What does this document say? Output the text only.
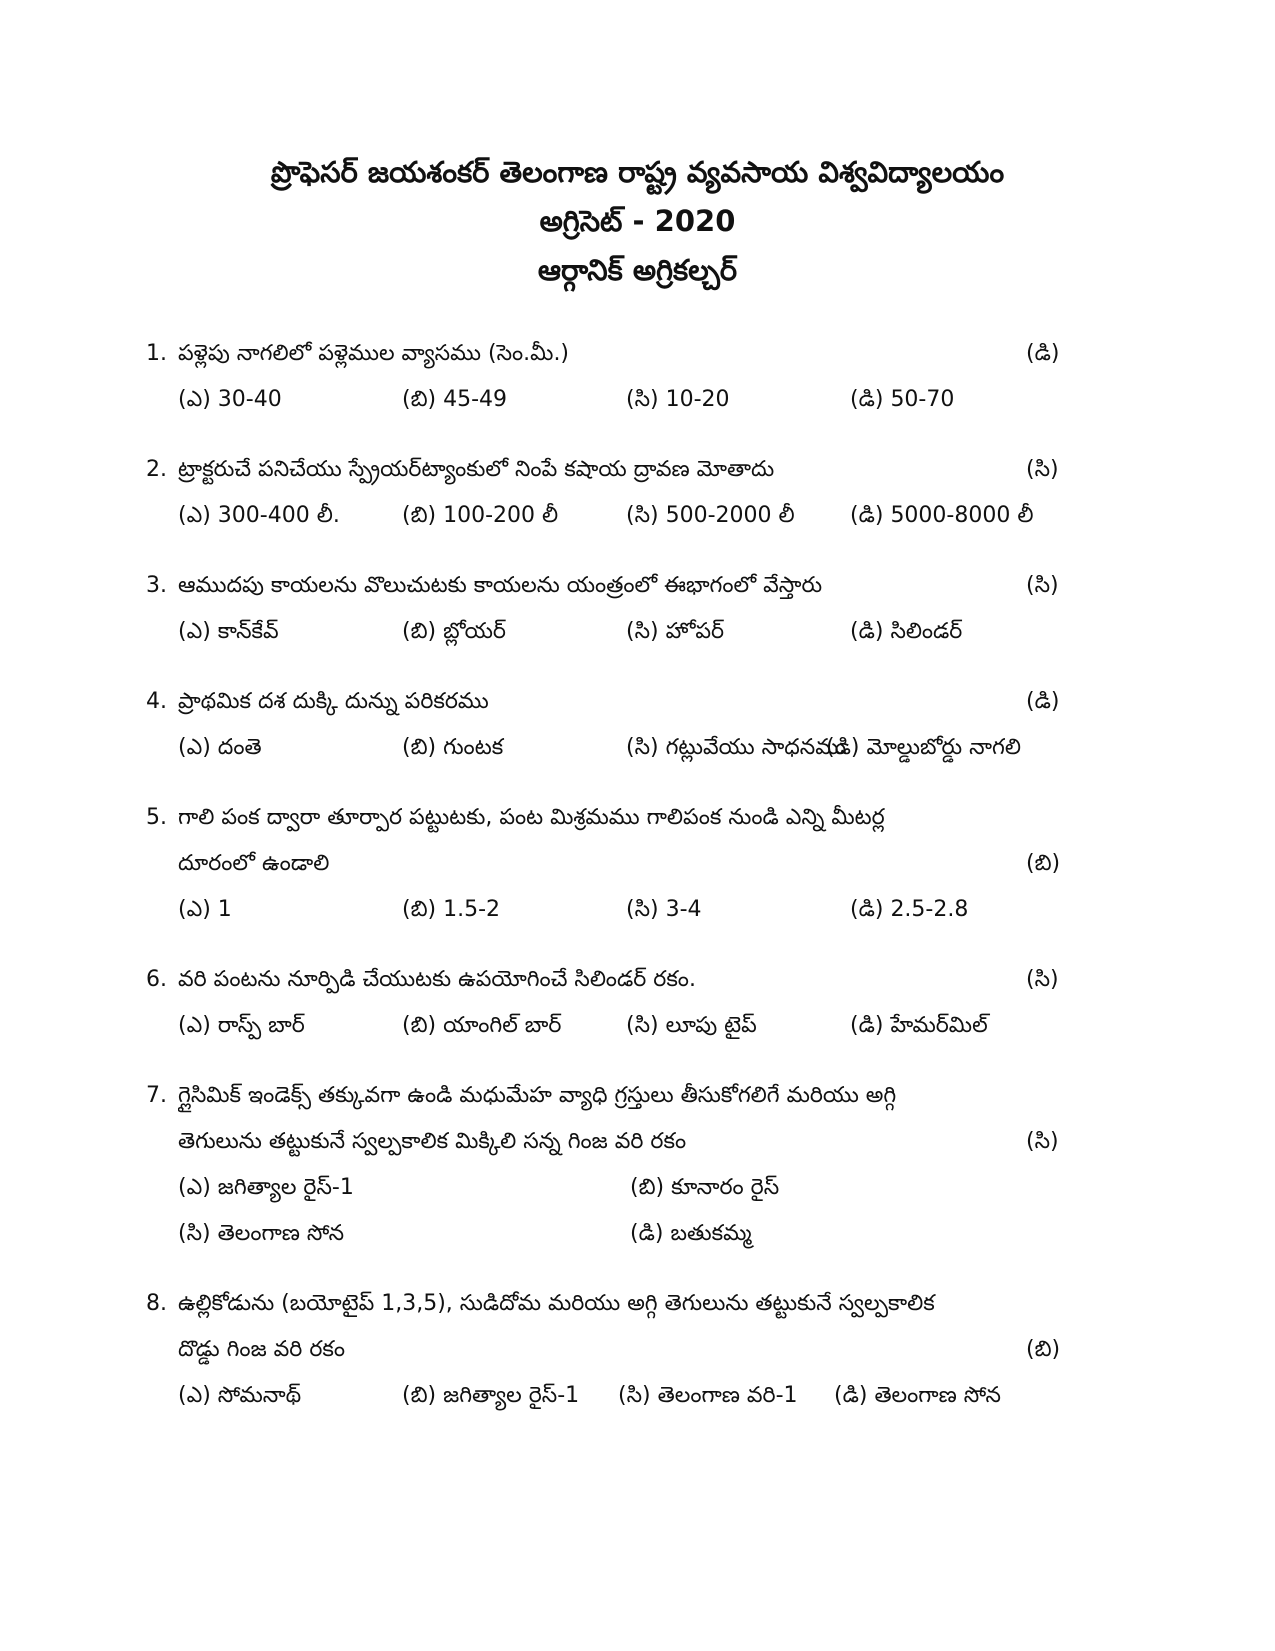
ప్రొఫెసర్ జయశంకర్ తెలంగాణ రాష్ట్ర వ్యవసాయ విశ్వవిద్యాలయం
అగ్రిసెట్ - 2020
ఆర్గానిక్ అగ్రికల్చర్
1. పళ్లెపు నాగలిలో పళ్లెముల వ్యాసము (సెం.మీ.)	(డి)
(ఎ) 30-40	(బి) 45-49	(సి) 10-20	(డి) 50-70
2. ట్రాక్టరుచే పనిచేయు స్ప్రేయర్‌ట్యాంకులో నింపే కషాయ ద్రావణ మోతాదు	(సి)
(ఎ) 300-400 లీ.	(బి) 100-200 లీ	(సి) 500-2000 లీ	(డి) 5000-8000 లీ
3. ఆముదపు కాయలను వొలుచుటకు కాయలను యంత్రంలో ఈభాగంలో వేస్తారు	(సి)
(ఎ) కాన్‌కేవ్	(బి) బ్లోయర్	(సి) హోపర్	(డి) సిలిండర్
4. ప్రాథమిక దశ దుక్కి దున్ను పరికరము	(డి)
(ఎ) దంతె	(బి) గుంటక	(సి) గట్లువేయు సాధనము
(డి) మోల్డుబోర్డు నాగలి
5. గాలి పంక ద్వారా తూర్పార పట్టుటకు, పంట మిశ్రమము గాలిపంక నుండి ఎన్ని మీటర్ల
దూరంలో ఉండాలి	(బి)
(ఎ) 1	(బి) 1.5-2	(సి) 3-4	(డి) 2.5-2.8
6. వరి పంటను నూర్పిడి చేయుటకు ఉపయోగించే సిలిండర్ రకం.	(సి)
(ఎ) రాస్ప్ బార్	(బి) యాంగిల్ బార్	(సి) లూపు టైప్	(డి) హేమర్‌మిల్
7. గ్లైసిమిక్ ఇండెక్స్ తక్కువగా ఉండి మధుమేహ వ్యాధి గ్రస్తులు తీసుకోగలిగే మరియు అగ్గి
తెగులును తట్టుకునే స్వల్పకాలిక మిక్కిలి సన్న గింజ వరి రకం	(సి)
(ఎ) జగిత్యాల రైస్-1	(బి) కూనారం రైస్
(సి) తెలంగాణ సోన	(డి) బతుకమ్మ
8. ఉల్లికోడును (బయోటైప్ 1,3,5), సుడిదోమ మరియు అగ్గి తెగులును తట్టుకునే స్వల్పకాలిక
దొడ్డు గింజ వరి రకం	(బి)
(ఎ) సోమనాథ్	(బి) జగిత్యాల రైస్-1	(సి) తెలంగాణ వరి-1	(డి) తెలంగాణ సోన
